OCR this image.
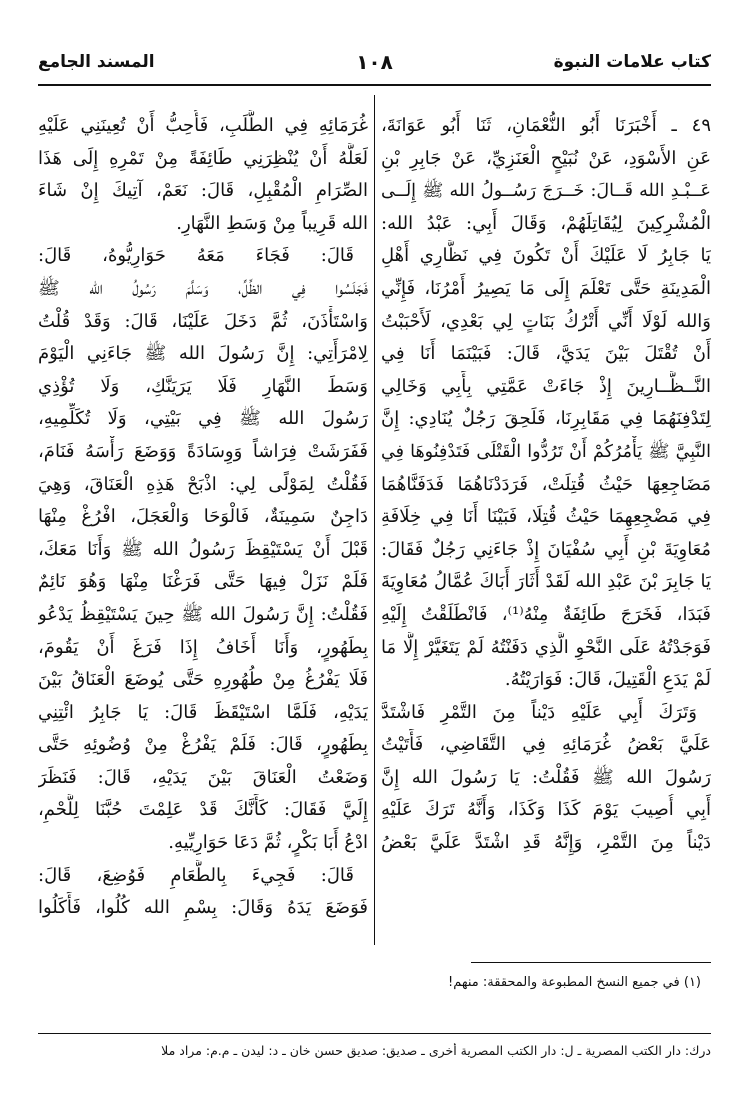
كتاب علامات النبوة
١٠٨
المسند الجامع
٤٩ ـ أَخْبَرَنَا أَبُو النُّعْمَانِ، ثَنَا أَبُو عَوَانَةَ،
عَنِ الأَسْوَدِ، عَنْ نُبَيْحٍ الْعَنَزِيِّ، عَنْ جَابِرِ بْنِ
عَــبْـدِ الله قَــالَ: خَــرَجَ رَسُــولُ الله ﷺ إِلَــى
الْمُشْرِكِينَ لِيُقَاتِلَهُمْ، وَقَالَ أَبِي: عَبْدُ الله:
يَا جَابِرُ لَا عَلَيْكَ أَنْ تَكُونَ فِي نَظَّارِي أَهْلِ
الْمَدِينَةِ حَتَّى تَعْلَمَ إِلَى مَا يَصِيرُ أَمْرُنَا، فَإِنِّي
وَالله لَوْلَا أَنِّي أَتْرُكُ بَنَاتٍ لِي بَعْدِي، لَأَحْبَبْتُ
أَنْ تُقْتَلَ بَيْنَ يَدَيَّ، قَالَ: فَبَيْنَمَا أَنَا فِي
النَّــظَّــارِينَ إِذْ جَاءَتْ عَمَّتِي بِأَبِي وَخَالِي
لِتَدْفِنَهُمَا فِي مَقَابِرِنَا، فَلَحِقَ رَجُلٌ يُنَادِي: إِنَّ
النَّبِيَّ ﷺ يَأْمُرُكُمْ أَنْ تَرُدُّوا الْقَتْلَى فَتَدْفِنُوهَا فِي
مَضَاجِعِهَا حَيْثُ قُتِلَتْ، فَرَدَدْنَاهُمَا فَدَفَنَّاهُمَا
فِي مَضْجِعِهِمَا حَيْثُ قُتِلَا، فَبَيْنَا أَنَا فِي خِلَافَةِ
مُعَاوِيَةَ بْنِ أَبِي سُفْيَانَ إِذْ جَاءَنِي رَجُلٌ فَقَالَ:
يَا جَابِرَ بْنَ عَبْدِ الله لَقَدْ أَثَارَ أَبَاكَ عُمَّالُ مُعَاوِيَةَ
فَبَدَا، فَخَرَجَ طَائِفَةٌ مِنْهُ⁽¹⁾، فَانْطَلَقْتُ إِلَيْهِ
فَوَجَدْتُهُ عَلَى النَّحْوِ الَّذِي دَفَنْتُهُ لَمْ يَتَغَيَّرْ إِلَّا مَا
لَمْ يَدَعِ الْقَتِيلَ، قَالَ: فَوَارَيْتُهُ.
وَتَرَكَ أَبِي عَلَيْهِ دَيْناً مِنَ التَّمْرِ فَاشْتَدَّ
عَلَيَّ بَعْضُ غُرَمَائِهِ فِي التَّقَاضِي، فَأَتَيْتُ
رَسُولَ الله ﷺ فَقُلْتُ: يَا رَسُولَ الله إِنَّ
أَبِي أُصِيبَ يَوْمَ كَذَا وَكَذَا، وَأَنَّهُ تَرَكَ عَلَيْهِ
دَيْناً مِنَ التَّمْرِ، وَإِنَّهُ قَدِ اشْتَدَّ عَلَيَّ بَعْضُ
غُرَمَائِهِ فِي الطَّلَبِ، فَأُحِبُّ أَنْ تُعِينَنِي عَلَيْهِ
لَعَلَّهُ أَنْ يُنْظِرَنِي طَائِفَةً مِنْ تَمْرِهِ إِلَى هَذَا
الصِّرَامِ الْمُقْبِلِ، قَالَ: نَعَمْ، آتِيكَ إِنْ شَاءَ
الله قَرِيباً مِنْ وَسَطِ النَّهَارِ.
قَالَ: فَجَاءَ مَعَهُ حَوَارِيُّوهُ، قَالَ:
فَجَلَسُوا فِي الظِّلِّ، وَسَلَّمَ رَسُولُ الله ﷺ
وَاسْتَأْذَنَ، ثُمَّ دَخَلَ عَلَيْنَا، قَالَ: وَقَدْ قُلْتُ
لِامْرَأَتِي: إِنَّ رَسُولَ الله ﷺ جَاءَنِي الْيَوْمَ
وَسَطَ النَّهَارِ فَلَا يَرَيَنَّكِ، وَلَا تُؤْذِي
رَسُولَ الله ﷺ فِي بَيْتِي، وَلَا تُكَلِّمِيهِ،
فَفَرَشَتْ فِرَاشاً وَوِسَادَةً وَوَضَعَ رَأْسَهُ فَنَامَ،
فَقُلْتُ لِمَوْلًى لِي: اذْبَحْ هَذِهِ الْعَنَاقَ، وَهِيَ
دَاجِنٌ سَمِينَةٌ، فَالْوَحَا وَالْعَجَلَ، افْرُغْ مِنْهَا
قَبْلَ أَنْ يَسْتَيْقِظَ رَسُولُ الله ﷺ وَأَنَا مَعَكَ،
فَلَمْ نَزَلْ فِيهَا حَتَّى فَرَغْنَا مِنْهَا وَهُوَ نَائِمٌ
فَقُلْتُ: إِنَّ رَسُولَ الله ﷺ حِينَ يَسْتَيْقِظُ يَدْعُو
بِطَهُورٍ، وَأَنَا أَخَافُ إِذَا فَرَغَ أَنْ يَقُومَ،
فَلَا يَفْرُغُ مِنْ طُهُورِهِ حَتَّى يُوضَعَ الْعَنَاقُ بَيْنَ
يَدَيْهِ، فَلَمَّا اسْتَيْقَظَ قَالَ: يَا جَابِرُ ائْتِنِي
بِطَهُورٍ، قَالَ: فَلَمْ يَفْرُغْ مِنْ وُضُوئِهِ حَتَّى
وَضَعْتُ الْعَنَاقَ بَيْنَ يَدَيْهِ، قَالَ: فَنَظَرَ
إِلَيَّ فَقَالَ: كَأَنَّكَ قَدْ عَلِمْتَ حُبَّنَا لِلَّحْمِ،
ادْعُ أَبَا بَكْرٍ، ثُمَّ دَعَا حَوَارِيِّيهِ.
قَالَ: فَجِيءَ بِالطَّعَامِ فَوُضِعَ، قَالَ:
فَوَضَعَ يَدَهُ وَقَالَ: بِسْمِ الله كُلُوا، فَأَكَلُوا
(١) في جميع النسخ المطبوعة والمحققة: منهم!
درك: دار الكتب المصرية ـ ل: دار الكتب المصرية أخرى ـ صديق: صديق حسن خان ـ د: ليدن ـ م.م: مراد ملا
